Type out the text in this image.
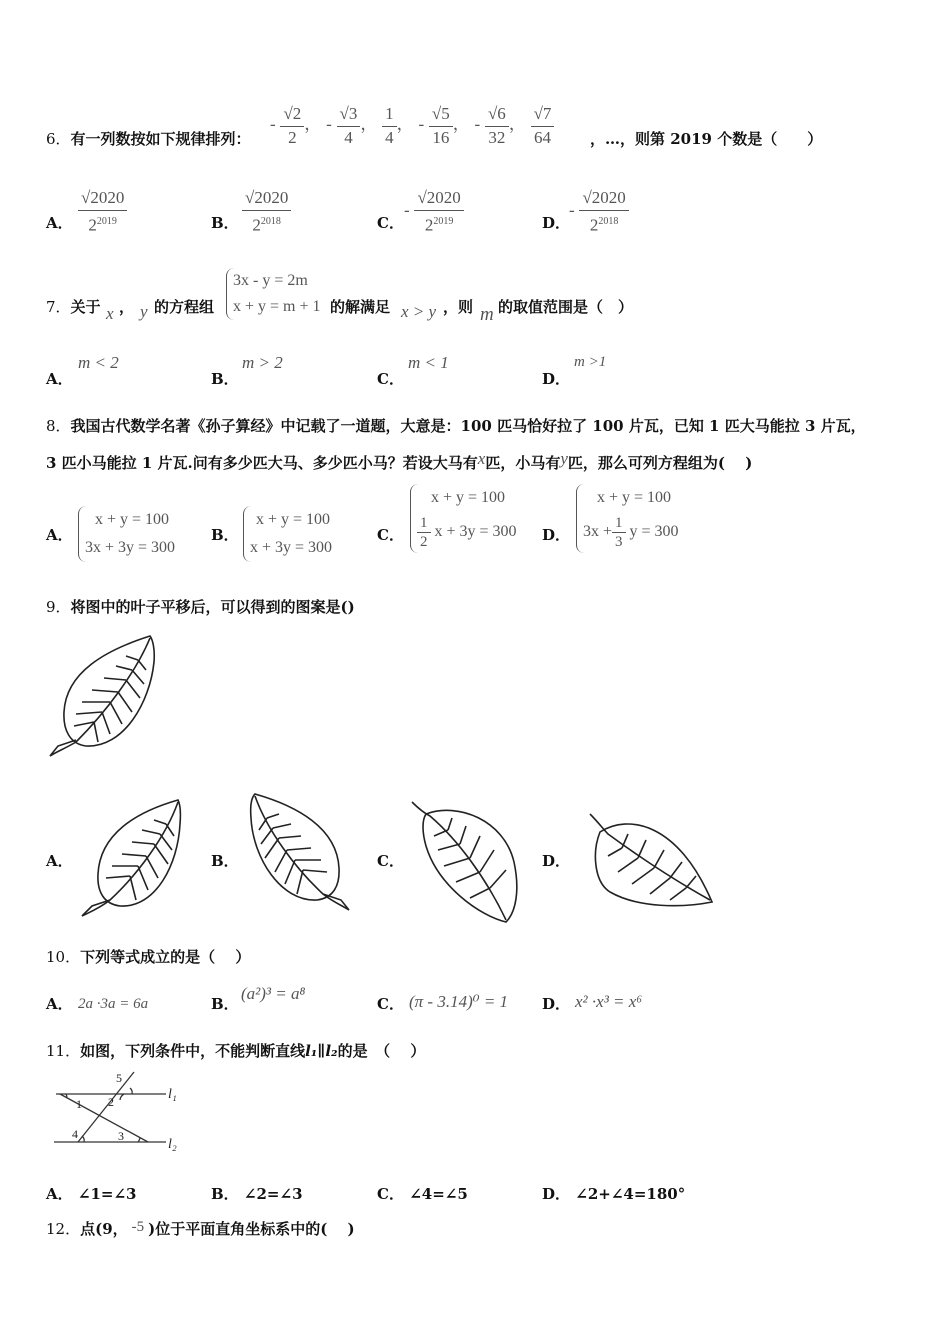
6．有一列数按如下规律排列：
- $\frac{√2}{2}$ ， - $\frac{√3}{4}$ ， $\frac{1}{4}$ ， - $\frac{√5}{16}$ ， - $\frac{√6}{32}$ ， $\frac{√7}{64}$ ，…，则第 2019 个数是（　　）
A． $\frac{√2020}{2^{2019}}$	B． $\frac{√2020}{2^{2018}}$	C．
- $\frac{√2020}{2^{2019}}$	D．
- $\frac{√2020}{2^{2018}}$
7．关于 x ， y 的方程组
3x - y = 2m
x + y = m + 1 的解满足 x > y ，则 m 的取值范围是（　）
A．
m < 2
B．
m > 2
C．
m < 1
D．
m >1
8．我国古代数学名著《孙子算经》中记载了一道题，大意是：100 匹马恰好拉了 100 片瓦，已知 1 匹大马能拉 3 片瓦，
3 匹小马能拉 1 片瓦.问有多少匹大马、多少匹小马？若设大马有x匹，小马有y匹，那么可列方程组为(　 )
A．
x + y = 100
3x + 3y = 300
B．
x + y = 100
x + 3y = 300
C．
x + y = 100
$\frac{1}{2}$ x + 3y = 300 D．
x + y = 100
$3x + \frac{1}{3}$ y = 300
9．将图中的叶子平移后，可以得到的图案是()
A．	B．	C．	D．
10．下列等式成立的是（　 ）
A． 2a ·3a = 6a	B．
(a²)³ = a⁸
C． (π - 3.14)⁰ = 1 D． x² ·x³ = x⁶
11．如图，下列条件中，不能判断直线l₁∥l₂的是　（　 ）
1 2
3
4
5
l₁
l₂
A． ∠1=∠3	B． ∠2=∠3	C． ∠4=∠5	D． ∠2+∠4=180°
12．点(9， -5 )位于平面直角坐标系中的(　 )
